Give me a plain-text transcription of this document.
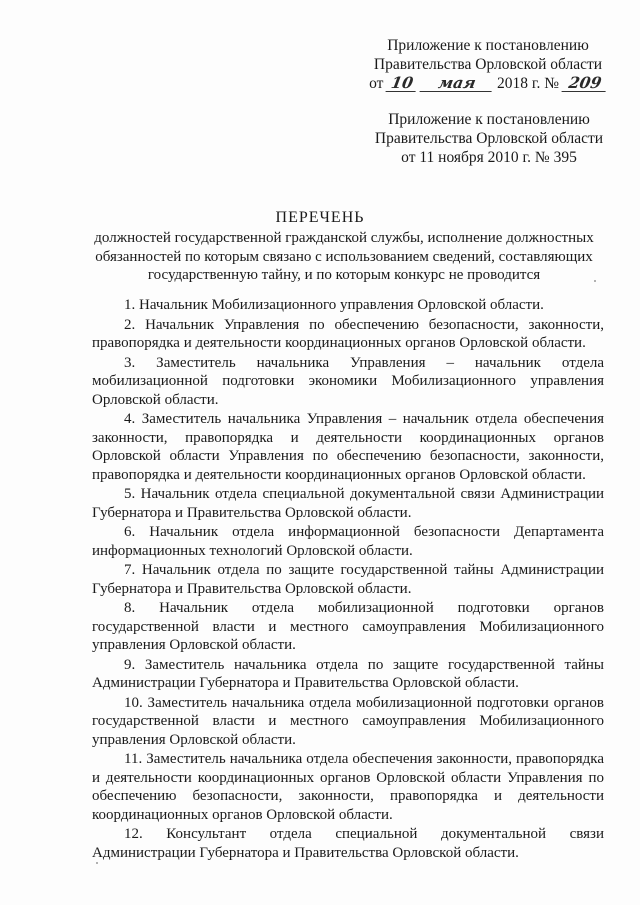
Приложение к постановлению
Правительства Орловской области
от 10 мая 2018 г. № 209
Приложение к постановлению
Правительства Орловской области
от 11 ноября 2010 г. № 395
ПЕРЕЧЕНЬ
должностей государственной гражданской службы, исполнение должностных обязанностей по которым связано с использованием сведений, составляющих государственную тайну, и по которым конкурс не проводится

1. Начальник Мобилизационного управления Орловской области.

2. Начальник Управления по обеспечению безопасности, законности, правопорядка и деятельности координационных органов Орловской области.

3. Заместитель начальника Управления – начальник отдела мобилизационной подготовки экономики Мобилизационного управления Орловской области.

4. Заместитель начальника Управления – начальник отдела обеспечения законности, правопорядка и деятельности координационных органов Орловской области Управления по обеспечению безопасности, законности, правопорядка и деятельности координационных органов Орловской области.

5. Начальник отдела специальной документальной связи Администрации Губернатора и Правительства Орловской области.

6. Начальник отдела информационной безопасности Департамента информационных технологий Орловской области.

7. Начальник отдела по защите государственной тайны Администрации Губернатора и Правительства Орловской области.

8. Начальник отдела мобилизационной подготовки органов государственной власти и местного самоуправления Мобилизационного управления Орловской области.

9. Заместитель начальника отдела по защите государственной тайны Администрации Губернатора и Правительства Орловской области.

10. Заместитель начальника отдела мобилизационной подготовки органов государственной власти и местного самоуправления Мобилизационного управления Орловской области.

11. Заместитель начальника отдела обеспечения законности, правопорядка и деятельности координационных органов Орловской области Управления по обеспечению безопасности, законности, правопорядка и деятельности координационных органов Орловской области.

12. Консультант отдела специальной документальной связи Администрации Губернатора и Правительства Орловской области.
